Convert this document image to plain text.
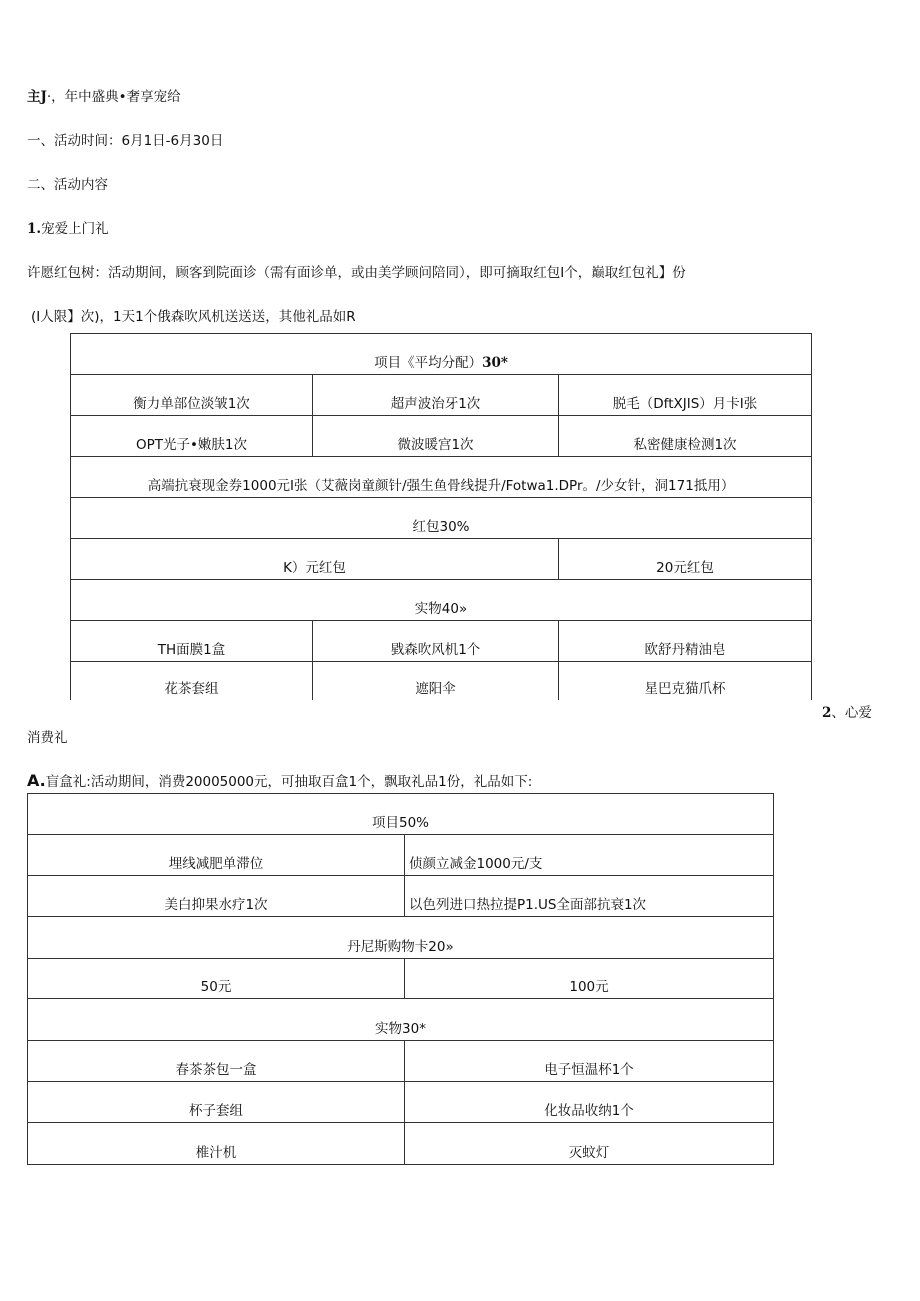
主J·，年中盛典•奢享宠给
一、活动时间：6月1日-6月30日
二、活动内容
1.宠爱上门礼
许愿红包树：活动期间，顾客到院面诊（需有面诊单，或由美学顾问陪同），即可摘取红包I个，巅取红包礼】份
(I人限】次)，1天1个俄森吹风机送送送，其他礼品如R
项目《平均分配）30*		
衡力单部位淡皱1次	超声波治牙1次	脱毛（DftXJIS）月卡I张
OPT光子•嫩肤1次	微波暖宫1次	私密健康检测1次
高端抗衰现金券1000元I张（艾薇岗童颜针/强生鱼骨线提升/Fotwa1.DPr。/少女针，洞171抵用）		
红包30%		
K）元红包		20元红包
实物40»		
TH面膜1盒	戥森吹风机1个	欧舒丹精油皂
花茶套组	遮阳伞	星巴克猫爪杯
2、心爱
消费礼
A.盲盒礼:活动期间，消费20005000元，可抽取百盒1个，飘取礼品1份，礼品如下:
项目50%	
埋线减肥单滞位	侦颜立减金1000元/支
美白抑果水疗1次	以色列进口热拉提P1.US全面部抗衰1次
丹尼斯购物卡20»	
50元	100元
实物30*	
春茶茶包一盒	电子恒温杯1个
杯子套组	化妆品收纳1个
椎汁机	灭蚊灯
